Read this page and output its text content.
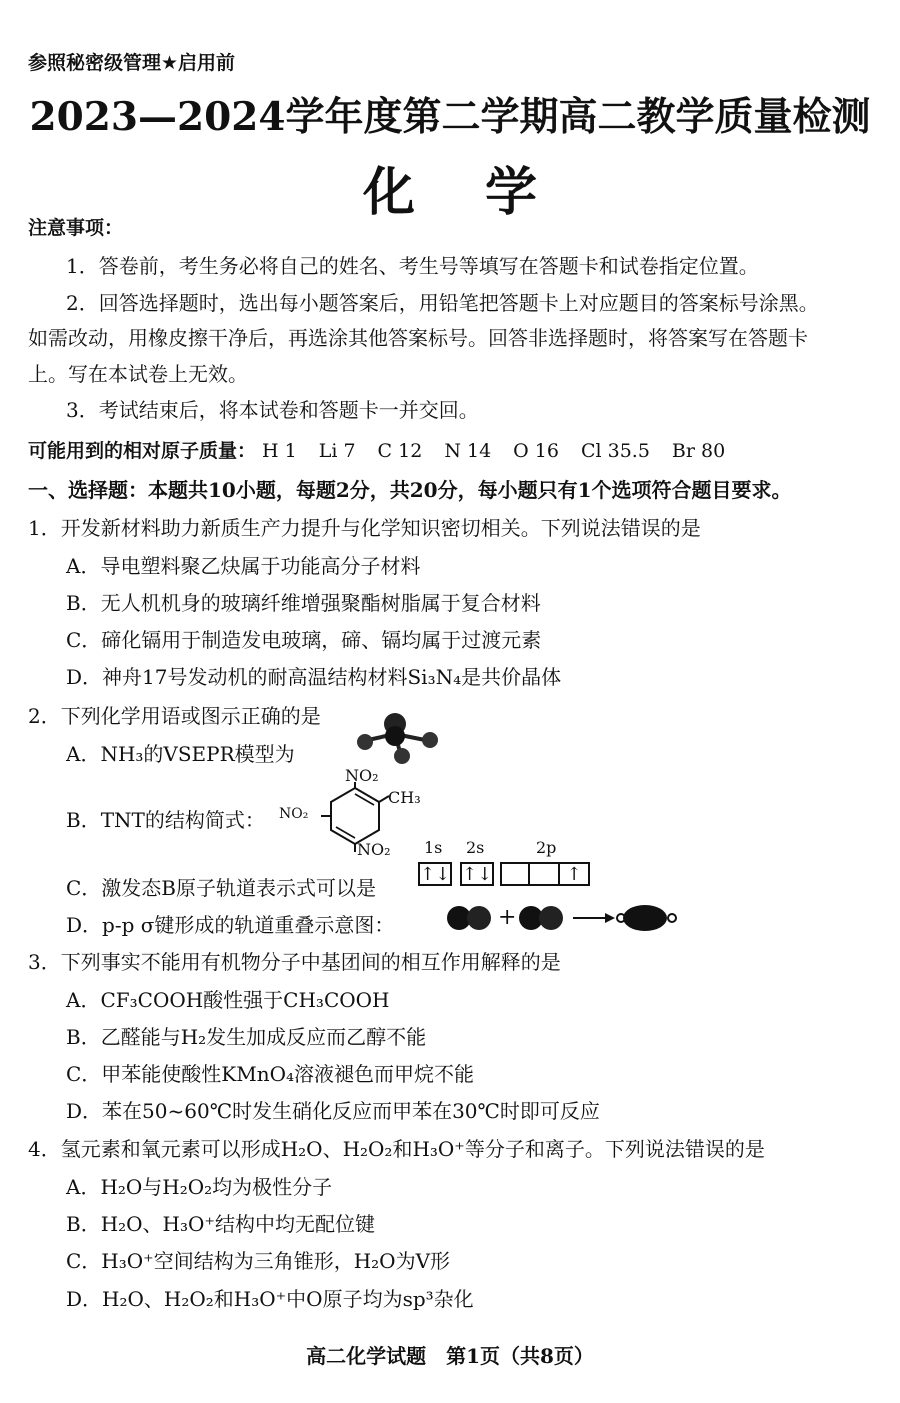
参照秘密级管理★启用前
2023—2024学年度第二学期高二教学质量检测
化学
注意事项：
1．答卷前，考生务必将自己的姓名、考生号等填写在答题卡和试卷指定位置。
2．回答选择题时，选出每小题答案后，用铅笔把答题卡上对应题目的答案标号涂黑。
如需改动，用橡皮擦干净后，再选涂其他答案标号。回答非选择题时，将答案写在答题卡
上。写在本试卷上无效。
3．考试结束后，将本试卷和答题卡一并交回。
可能用到的相对原子质量： H 1 Li 7 C 12 N 14 O 16 Cl 35.5 Br 80
一、选择题：本题共10小题，每题2分，共20分，每小题只有1个选项符合题目要求。
1．开发新材料助力新质生产力提升与化学知识密切相关。下列说法错误的是
A．导电塑料聚乙炔属于功能高分子材料
B．无人机机身的玻璃纤维增强聚酯树脂属于复合材料
C．碲化镉用于制造发电玻璃，碲、镉均属于过渡元素
D．神舟17号发动机的耐高温结构材料Si₃N₄是共价晶体
2．下列化学用语或图示正确的是
A．NH₃的VSEPR模型为
B．TNT的结构简式：
NO₂
NO₂
CH₃
NO₂
C．激发态B原子轨道表示式可以是
1s 2s	2p
↑↓ ↑↓	↑
D．p-p σ键形成的轨道重叠示意图：	+
3．下列事实不能用有机物分子中基团间的相互作用解释的是
A．CF₃COOH酸性强于CH₃COOH
B．乙醛能与H₂发生加成反应而乙醇不能
C．甲苯能使酸性KMnO₄溶液褪色而甲烷不能
D．苯在50~60℃时发生硝化反应而甲苯在30℃时即可反应
4．氢元素和氧元素可以形成H₂O、H₂O₂和H₃O⁺等分子和离子。下列说法错误的是
A．H₂O与H₂O₂均为极性分子
B．H₂O、H₃O⁺结构中均无配位键
C．H₃O⁺空间结构为三角锥形，H₂O为V形
D．H₂O、H₂O₂和H₃O⁺中O原子均为sp³杂化
高二化学试题　第1页（共8页）
